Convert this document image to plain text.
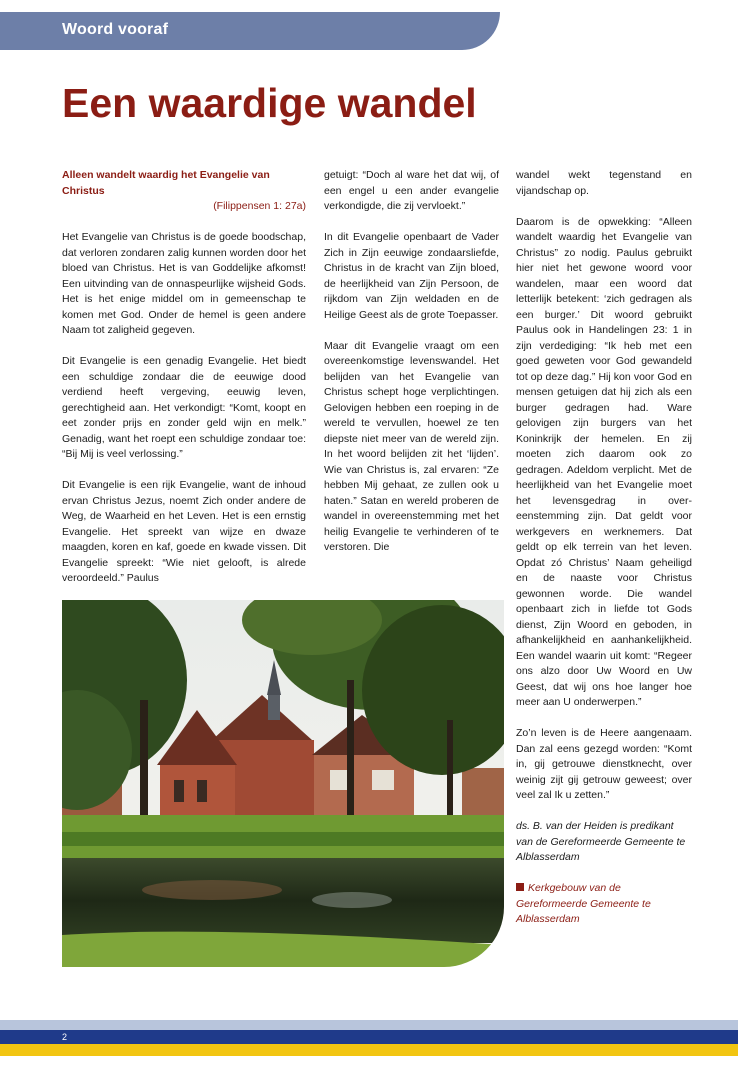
Woord vooraf
Een waardige wandel

Alleen wandelt waardig het Evangelie van Christus

(Filippensen 1: 27a)

Het Evangelie van Christus is de goede boodschap, dat verloren zondaren zalig kunnen worden door het bloed van Christus. Het is van Goddelijke afkomst! Een uitvinding van de onnaspeurlijke wijsheid Gods. Het is het enige middel om in gemeenschap te komen met God. Onder de hemel is geen andere Naam tot zaligheid gegeven.

Dit Evangelie is een genadig Evangelie. Het biedt een schuldige zondaar die de eeuwige dood verdiend heeft vergeving, eeuwig leven, gerechtigheid aan. Het verkondigt: “Komt, koopt en eet zonder prijs en zonder geld wijn en melk.” Genadig, want het roept een schuldige zondaar toe: “Bij Mij is veel verlossing.”

Dit Evangelie is een rijk Evangelie, want de inhoud ervan Christus Jezus, noemt Zich onder andere de Weg, de Waarheid en het Leven. Het is een ernstig Evangelie. Het spreekt van wijze en dwaze maagden, koren en kaf, goede en kwade vissen. Dit Evangelie spreekt: “Wie niet gelooft, is alrede veroordeeld.” Paulus

getuigt: “Doch al ware het dat wij, of een engel u een ander evangelie verkondigde, die zij vervloekt.”

In dit Evangelie openbaart de Vader Zich in Zijn eeuwige zondaarsliefde, Christus in de kracht van Zijn bloed, de heerlijkheid van Zijn Persoon, de rijkdom van Zijn weldaden en de Heilige Geest als de grote Toepasser.

Maar dit Evangelie vraagt om een overeenkomstige levenswandel. Het belijden van het Evangelie van Christus schept hoge verplichtingen. Gelovigen hebben een roeping in de wereld te vervullen, hoewel ze ten diepste niet meer van de wereld zijn. In het woord belijden zit het ‘lijden’. Wie van Christus is, zal ervaren: “Ze hebben Mij gehaat, ze zullen ook u haten.” Satan en wereld proberen de wandel in overeenstemming met het heilig Evangelie te verhinderen of te verstoren. Die

wandel wekt tegenstand en vijandschap op.

Daarom is de opwekking: “Alleen wandelt waardig het Evangelie van Christus” zo nodig. Paulus gebruikt hier niet het gewone woord voor wandelen, maar een woord dat letterlijk betekent: ‘zich gedragen als een burger.’ Dit woord gebruikt Paulus ook in Handelingen 23: 1 in zijn verdediging: “Ik heb met een goed geweten voor God gewandeld tot op deze dag.” Hij kon voor God en mensen getuigen dat hij zich als een burger gedragen had. Ware gelovigen zijn burgers van het Koninkrijk der hemelen. En zij moeten zich daarom ook zo gedragen. Adeldom verplicht. Met de heerlijkheid van het Evangelie moet het levensgedrag in over-eenstemming zijn. Dat geldt voor werkgevers en werknemers. Dat geldt op elk terrein van het leven. Opdat zó Christus’ Naam geheiligd en de naaste voor Christus gewonnen worde. Die wandel openbaart zich in liefde tot Gods dienst, Zijn Woord en geboden, in afhankelijkheid en aanhankelijkheid. Een wandel waarin uit komt: “Regeer ons alzo door Uw Woord en Uw Geest, dat wij ons hoe langer hoe meer aan U onderwerpen.”

Zo’n leven is de Heere aangenaam. Dan zal eens gezegd worden: “Komt in, gij getrouwe dienstknecht, over weinig zijt gij getrouw geweest; over veel zal Ik u zetten.”

ds. B. van der Heiden is predikant van de Gereformeerde Gemeente te Alblasserdam

Kerkgebouw van de Gereformeerde Gemeente te Alblasserdam

2
